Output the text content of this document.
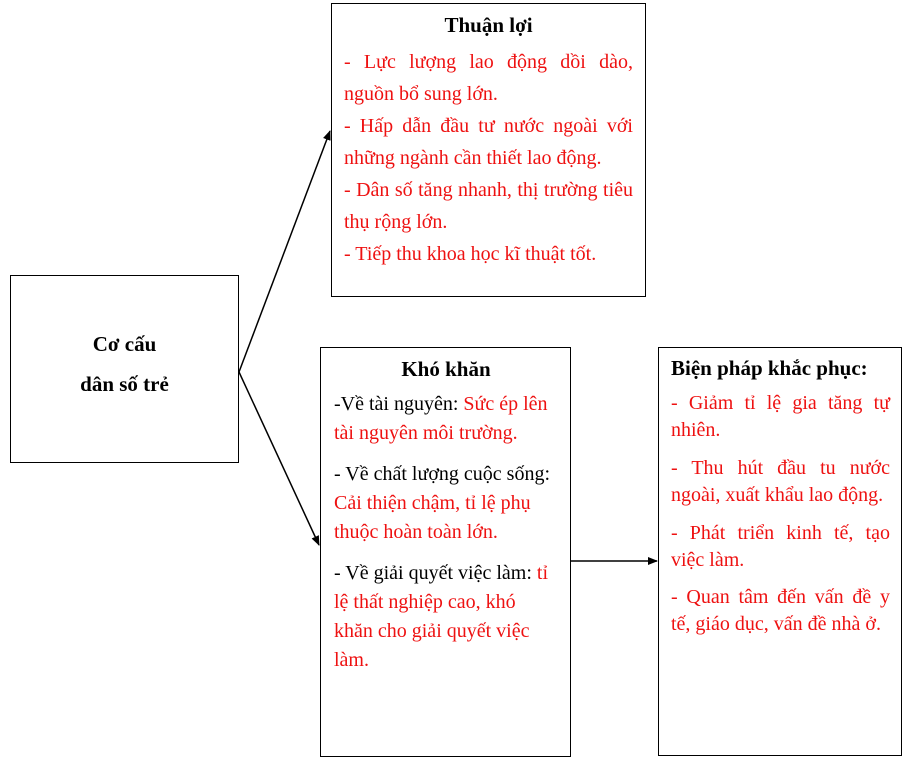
Cơ cấu
dân số trẻ
Thuận lợi
- Lực lượng lao động dồi dào, nguồn bổ sung lớn.
- Hấp dẫn đầu tư nước ngoài với những ngành cần thiết lao động.
- Dân số tăng nhanh, thị trường tiêu thụ rộng lớn.
- Tiếp thu khoa học kĩ thuật tốt.
Khó khăn
-Về tài nguyên: Sức ép lên tài nguyên môi trường.
- Về chất lượng cuộc sống: Cải thiện chậm, tỉ lệ phụ thuộc hoàn toàn lớn.
- Về giải quyết việc làm: tỉ lệ thất nghiệp cao, khó khăn cho giải quyết việc làm.
Biện pháp khắc phục:
- Giảm tỉ lệ gia tăng tự nhiên.
- Thu hút đầu tu nước ngoài, xuất khẩu lao động.
- Phát triển kinh tế, tạo việc làm.
- Quan tâm đến vấn đề y tế, giáo dục, vấn đề nhà ở.
